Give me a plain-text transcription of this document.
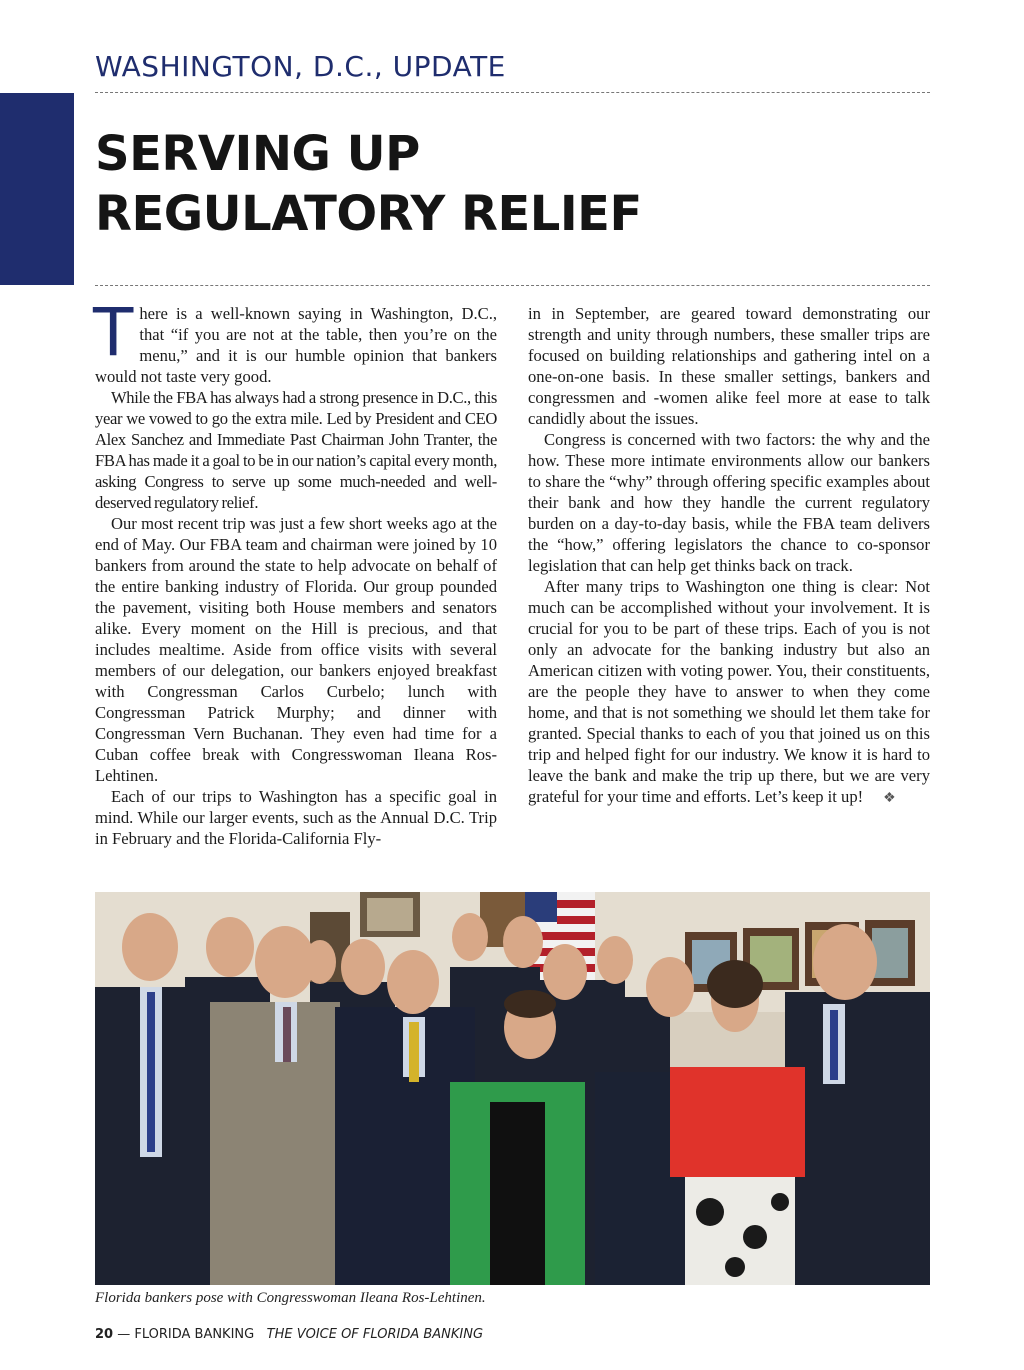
WASHINGTON, D.C., UPDATE
SERVING UP
REGULATORY RELIEF

There is a well-known saying in Washington, D.C., that “if you are not at the table, then you’re on the menu,” and it is our humble opinion that bankers would not taste very good.

While the FBA has always had a strong presence in D.C., this year we vowed to go the extra mile. Led by President and CEO Alex Sanchez and Immediate Past Chairman John Tranter, the FBA has made it a goal to be in our nation’s capital every month, asking Congress to serve up some much-needed and well-deserved regulatory relief.

Our most recent trip was just a few short weeks ago at the end of May. Our FBA team and chairman were joined by 10 bankers from around the state to help advocate on behalf of the entire banking industry of Florida. Our group pounded the pavement, visiting both House members and senators alike. Every moment on the Hill is precious, and that includes mealtime. Aside from office visits with several members of our delegation, our bankers enjoyed breakfast with Congressman Carlos Curbelo; lunch with Congressman Patrick Murphy; and dinner with Congressman Vern Buchanan. They even had time for a Cuban coffee break with Congresswoman Ileana Ros-Lehtinen.

Each of our trips to Washington has a specific goal in mind. While our larger events, such as the Annual D.C. Trip in February and the Florida-California Fly-

in in September, are geared toward demonstrating our strength and unity through numbers, these smaller trips are focused on building relationships and gathering intel on a one-on-one basis. In these smaller settings, bankers and congressmen and -women alike feel more at ease to talk candidly about the issues.

Congress is concerned with two factors: the why and the how. These more intimate environments allow our bankers to share the “why” through offering specific examples about their bank and how they handle the current regulatory burden on a day-to-day basis, while the FBA team delivers the “how,” offering legislators the chance to co-sponsor legislation that can help get thinks back on track.

After many trips to Washington one thing is clear: Not much can be accomplished without your involvement. It is crucial for you to be part of these trips. Each of you is not only an advocate for the banking industry but also an American citizen with voting power. You, their constituents, are the people they have to answer to when they come home, and that is not something we should let them take for granted. Special thanks to each of you that joined us on this trip and helped fight for our industry. We know it is hard to leave the bank and make the trip up there, but we are very grateful for your time and efforts. Let’s keep it up! ❖

Florida bankers pose with Congresswoman Ileana Ros-Lehtinen.
20 — FLORIDA BANKING THE VOICE OF FLORIDA BANKING
